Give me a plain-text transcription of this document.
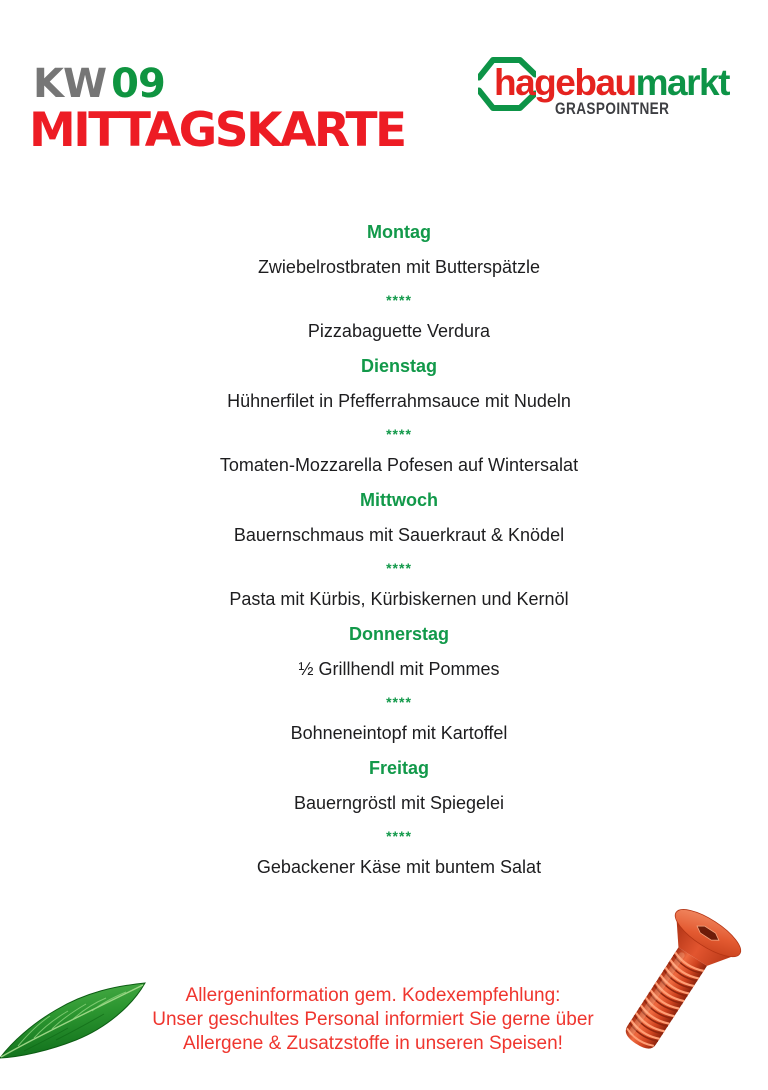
KW 09
MITTAGSKARTE
hagebaumarkt
GRASPOINTNER
Montag
Zwiebelrostbraten mit Butterspätzle
****
Pizzabaguette Verdura
Dienstag
Hühnerfilet in Pfefferrahmsauce mit Nudeln
****
Tomaten-Mozzarella Pofesen auf Wintersalat
Mittwoch
Bauernschmaus mit Sauerkraut & Knödel
****
Pasta mit Kürbis, Kürbiskernen und Kernöl
Donnerstag
½ Grillhendl mit Pommes
****
Bohneneintopf mit Kartoffel
Freitag
Bauerngröstl mit Spiegelei
****
Gebackener Käse mit buntem Salat
Allergeninformation gem. Kodexempfehlung:
Unser geschultes Personal informiert Sie gerne über
Allergene & Zusatzstoffe in unseren Speisen!
